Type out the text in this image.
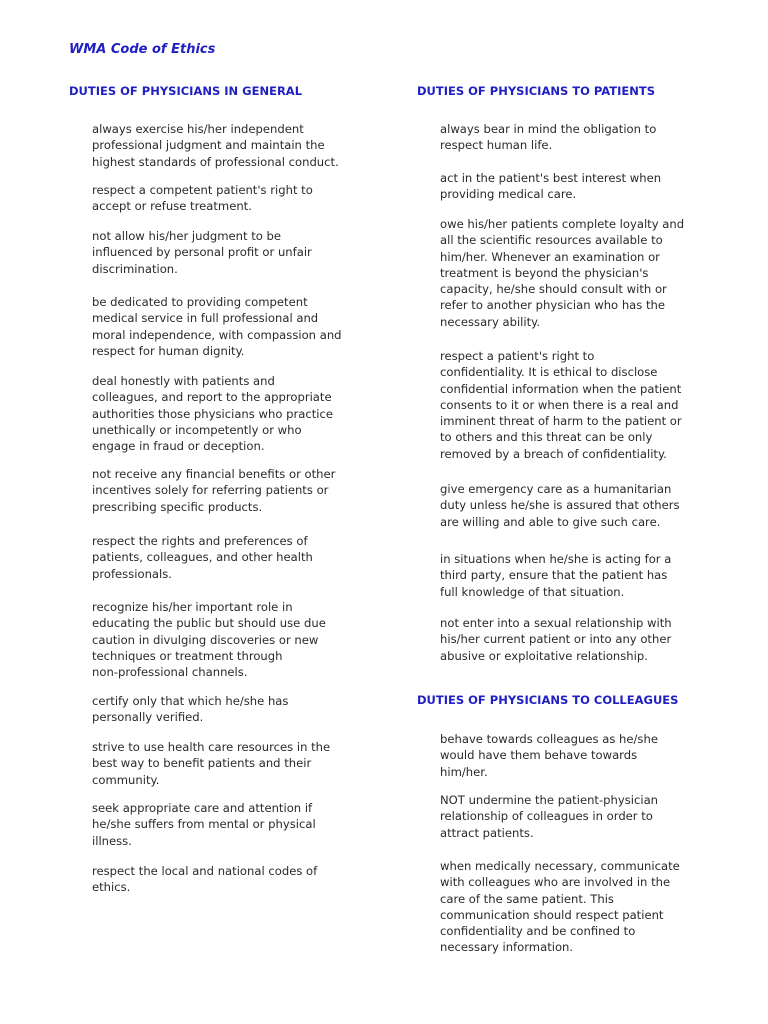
WMA Code of Ethics
DUTIES OF PHYSICIANS IN GENERAL

always exercise his/her independent
professional judgment and maintain the
highest standards of professional conduct.

respect a competent patient's right to
accept or refuse treatment.

not allow his/her judgment to be
influenced by personal profit or unfair
discrimination.

be dedicated to providing competent
medical service in full professional and
moral independence, with compassion and
respect for human dignity.

deal honestly with patients and
colleagues, and report to the appropriate
authorities those physicians who practice
unethically or incompetently or who
engage in fraud or deception.

not receive any financial benefits or other
incentives solely for referring patients or
prescribing specific products.

respect the rights and preferences of
patients, colleagues, and other health
professionals.

recognize his/her important role in
educating the public but should use due
caution in divulging discoveries or new
techniques or treatment through
non-professional channels.

certify only that which he/she has
personally verified.

strive to use health care resources in the
best way to benefit patients and their
community.

seek appropriate care and attention if
he/she suffers from mental or physical
illness.

respect the local and national codes of
ethics.

DUTIES OF PHYSICIANS TO PATIENTS

always bear in mind the obligation to
respect human life.

act in the patient's best interest when
providing medical care.

owe his/her patients complete loyalty and
all the scientific resources available to
him/her. Whenever an examination or
treatment is beyond the physician's
capacity, he/she should consult with or
refer to another physician who has the
necessary ability.

respect a patient's right to
confidentiality. It is ethical to disclose
confidential information when the patient
consents to it or when there is a real and
imminent threat of harm to the patient or
to others and this threat can be only
removed by a breach of confidentiality.

give emergency care as a humanitarian
duty unless he/she is assured that others
are willing and able to give such care.

in situations when he/she is acting for a
third party, ensure that the patient has
full knowledge of that situation.

not enter into a sexual relationship with
his/her current patient or into any other
abusive or exploitative relationship.

DUTIES OF PHYSICIANS TO COLLEAGUES

behave towards colleagues as he/she
would have them behave towards
him/her.

NOT undermine the patient-physician
relationship of colleagues in order to
attract patients.

when medically necessary, communicate
with colleagues who are involved in the
care of the same patient. This
communication should respect patient
confidentiality and be confined to
necessary information.
